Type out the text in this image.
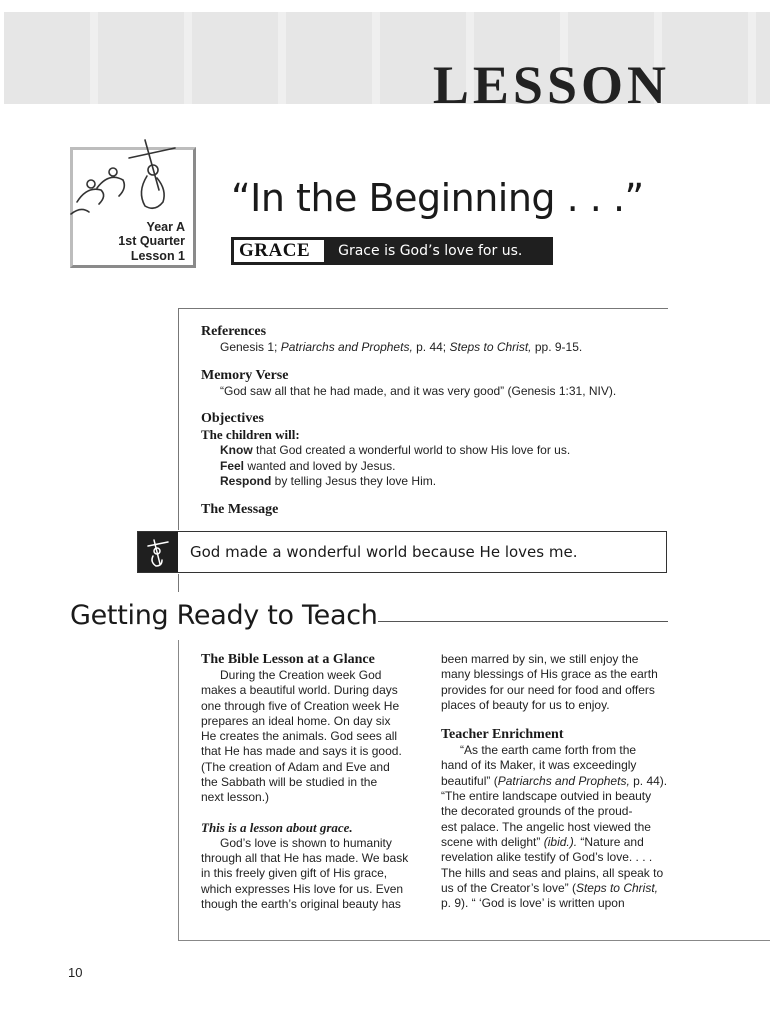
LESSON
Year A
1st Quarter
Lesson 1
“In the Beginning . . .”
GRACE	Grace is God’s love for us.
References
Genesis 1; Patriarchs and Prophets, p. 44; Steps to Christ, pp. 9-15.
Memory Verse
“God saw all that he had made, and it was very good” (Genesis 1:31, NIV).
Objectives
The children will:
Know that God created a wonderful world to show His love for us.
Feel wanted and loved by Jesus.
Respond by telling Jesus they love Him.
The Message
God made a wonderful world because He loves me.
Getting Ready to Teach
The Bible Lesson at a Glance
During the Creation week God
makes a beautiful world. During days
one through five of Creation week He
prepares an ideal home. On day six
He creates the animals. God sees all
that He has made and says it is good.
(The creation of Adam and Eve and
the Sabbath will be studied in the
next lesson.)
This is a lesson about grace.
God’s love is shown to humanity
through all that He has made. We bask
in this freely given gift of His grace,
which expresses His love for us. Even
though the earth’s original beauty has
been marred by sin, we still enjoy the
many blessings of His grace as the earth
provides for our need for food and offers
places of beauty for us to enjoy.
Teacher Enrichment
“As the earth came forth from the
hand of its Maker, it was exceedingly
beautiful” (Patriarchs and Prophets, p. 44).
“The entire landscape outvied in beauty
the decorated grounds of the proud-
est palace. The angelic host viewed the
scene with delight” (ibid.). “Nature and
revelation alike testify of God’s love. . . .
The hills and seas and plains, all speak to
us of the Creator’s love” (Steps to Christ,
p. 9). “ ‘God is love’ is written upon
10
